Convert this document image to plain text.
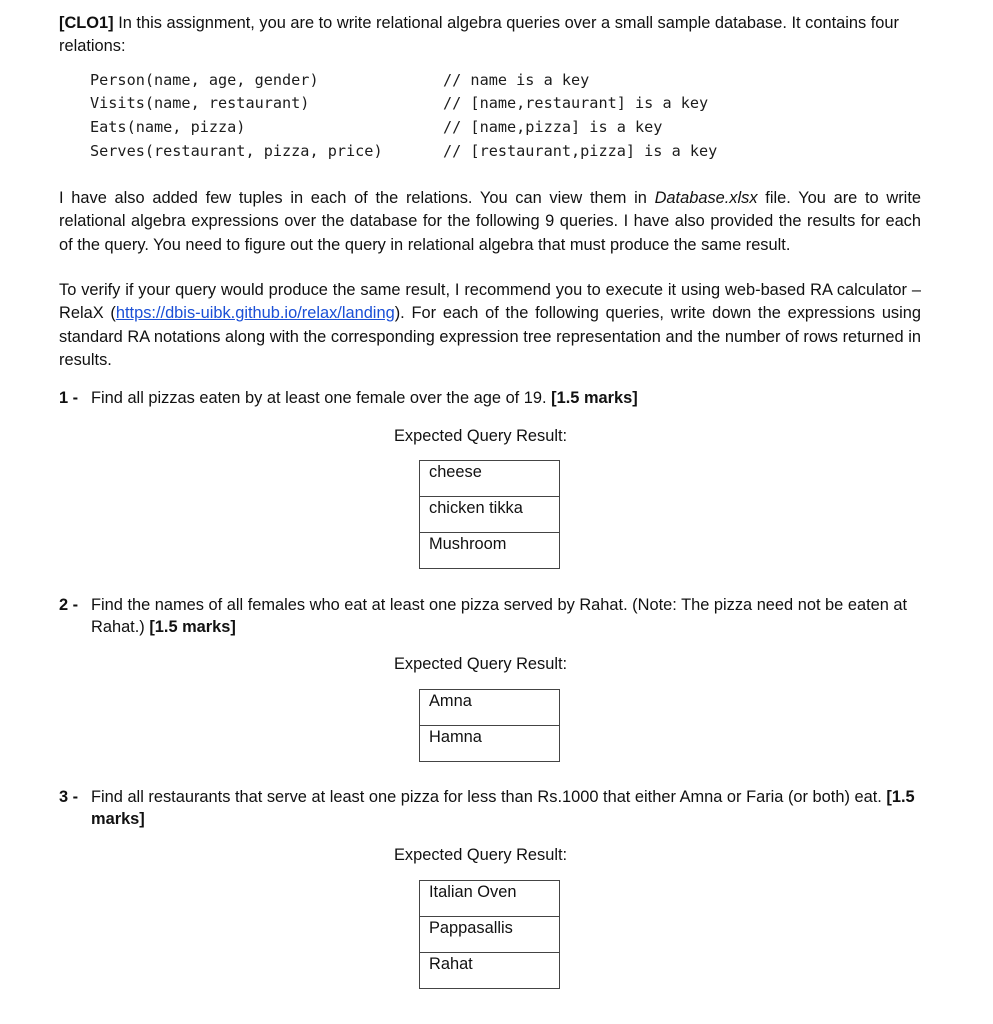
[CLO1] In this assignment, you are to write relational algebra queries over a small sample database. It contains four relations:
Person(name, age, gender)	// name is a key
Visits(name, restaurant)	// [name,restaurant] is a key
Eats(name, pizza)	// [name,pizza] is a key
Serves(restaurant, pizza, price)	// [restaurant,pizza] is a key
I have also added few tuples in each of the relations. You can view them in Database.xlsx file. You are to write relational algebra expressions over the database for the following 9 queries. I have also provided the results for each of the query. You need to figure out the query in relational algebra that must produce the same result.
To verify if your query would produce the same result, I recommend you to execute it using web-based RA calculator – RelaX (https://dbis-uibk.github.io/relax/landing). For each of the following queries, write down the expressions using standard RA notations along with the corresponding expression tree representation and the number of rows returned in results.
1 - Find all pizzas eaten by at least one female over the age of 19. [1.5 marks]
Expected Query Result:
cheese
chicken tikka
Mushroom
2 - Find the names of all females who eat at least one pizza served by Rahat. (Note: The pizza need not be eaten at Rahat.) [1.5 marks]
Expected Query Result:
Amna
Hamna
3 - Find all restaurants that serve at least one pizza for less than Rs.1000 that either Amna or Faria (or both) eat. [1.5 marks]
Expected Query Result:
Italian Oven
Pappasallis
Rahat
